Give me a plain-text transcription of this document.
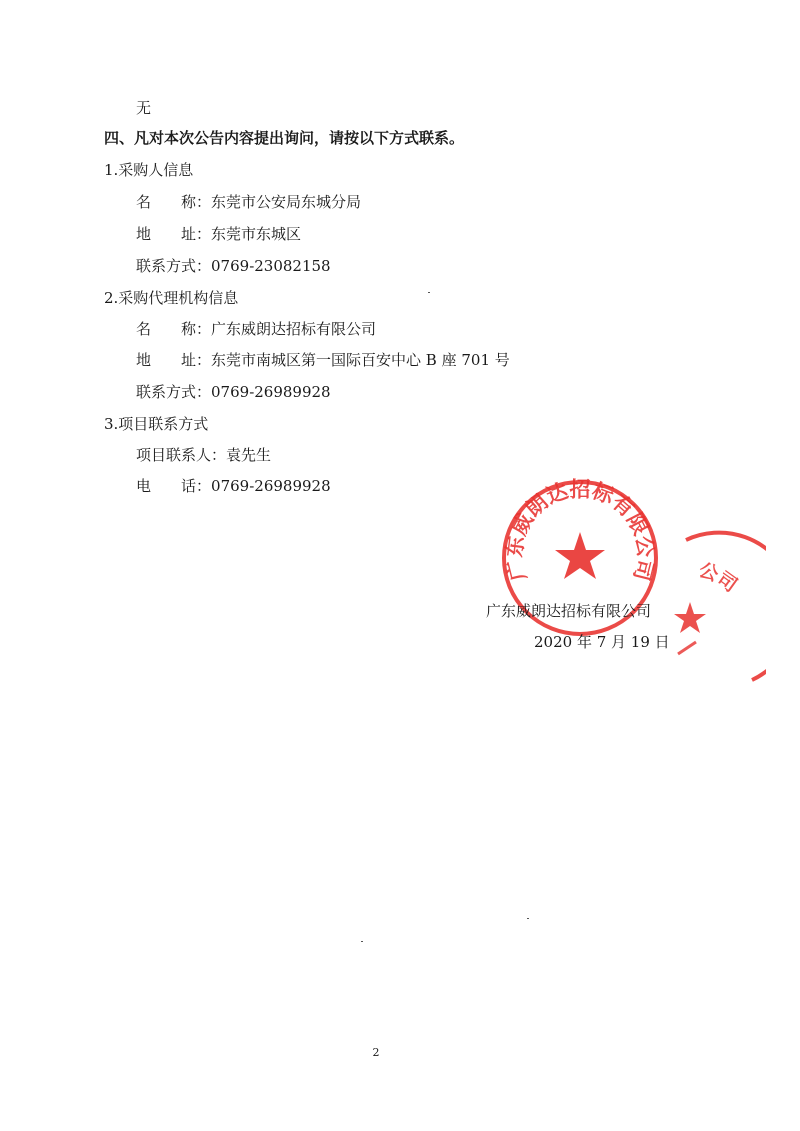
无
四、凡对本次公告内容提出询问，请按以下方式联系。
1.采购人信息
名 称：东莞市公安局东城分局
地 址：东莞市东城区
联系方式：0769-23082158
2.采购代理机构信息
名 称：广东威朗达招标有限公司
地 址：东莞市南城区第一国际百安中心 B 座 701 号
联系方式：0769-26989928
3.项目联系方式
项目联系人：袁先生
电 话：0769-26989928
广东威朗达招标有限公司 公司
广东威朗达招标有限公司
2020 年 7 月 19 日
2
